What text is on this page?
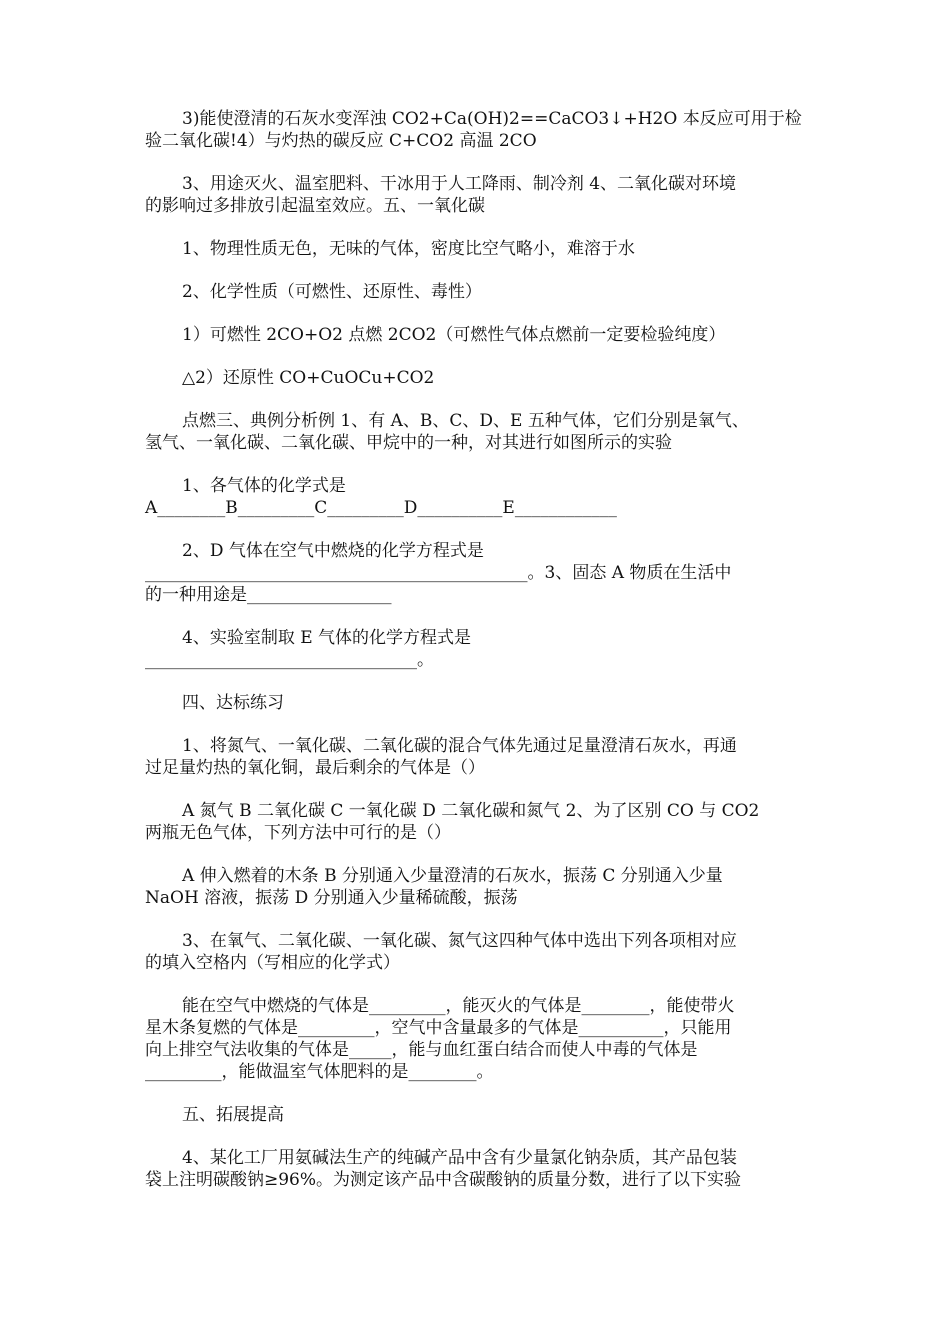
3)能使澄清的石灰水变浑浊 CO2+Ca(OH)2==CaCO3↓+H2O 本反应可用于检
验二氧化碳!4）与灼热的碳反应 C+CO2 高温 2CO

3、用途灭火、温室肥料、干冰用于人工降雨、制冷剂 4、二氧化碳对环境
的影响过多排放引起温室效应。五、一氧化碳

1、物理性质无色，无味的气体，密度比空气略小，难溶于水

2、化学性质（可燃性、还原性、毒性）

1）可燃性 2CO+O2 点燃 2CO2（可燃性气体点燃前一定要检验纯度）

△2）还原性 CO+CuOCu+CO2

点燃三、典例分析例 1、有 A、B、C、D、E 五种气体，它们分别是氧气、
氢气、一氧化碳、二氧化碳、甲烷中的一种，对其进行如图所示的实验

1、各气体的化学式是
A________B_________C_________D__________E____________

2、D 气体在空气中燃烧的化学方程式是
_____________________________________________。3、固态 A 物质在生活中
的一种用途是_________________

4、实验室制取 E 气体的化学方程式是
________________________________。

四、达标练习

1、将氮气、一氧化碳、二氧化碳的混合气体先通过足量澄清石灰水，再通
过足量灼热的氧化铜，最后剩余的气体是（）

A 氮气 B 二氧化碳 C 一氧化碳 D 二氧化碳和氮气 2、为了区别 CO 与 CO2
两瓶无色气体，下列方法中可行的是（）

A 伸入燃着的木条 B 分别通入少量澄清的石灰水，振荡 C 分别通入少量
NaOH 溶液，振荡 D 分别通入少量稀硫酸，振荡

3、在氧气、二氧化碳、一氧化碳、氮气这四种气体中选出下列各项相对应
的填入空格内（写相应的化学式）

能在空气中燃烧的气体是_________，能灭火的气体是________，能使带火
星木条复燃的气体是_________，空气中含量最多的气体是__________，只能用
向上排空气法收集的气体是_____，能与血红蛋白结合而使人中毒的气体是
_________，能做温室气体肥料的是________。

五、拓展提高

4、某化工厂用氨碱法生产的纯碱产品中含有少量氯化钠杂质，其产品包装
袋上注明碳酸钠≥96%。为测定该产品中含碳酸钠的质量分数，进行了以下实验
